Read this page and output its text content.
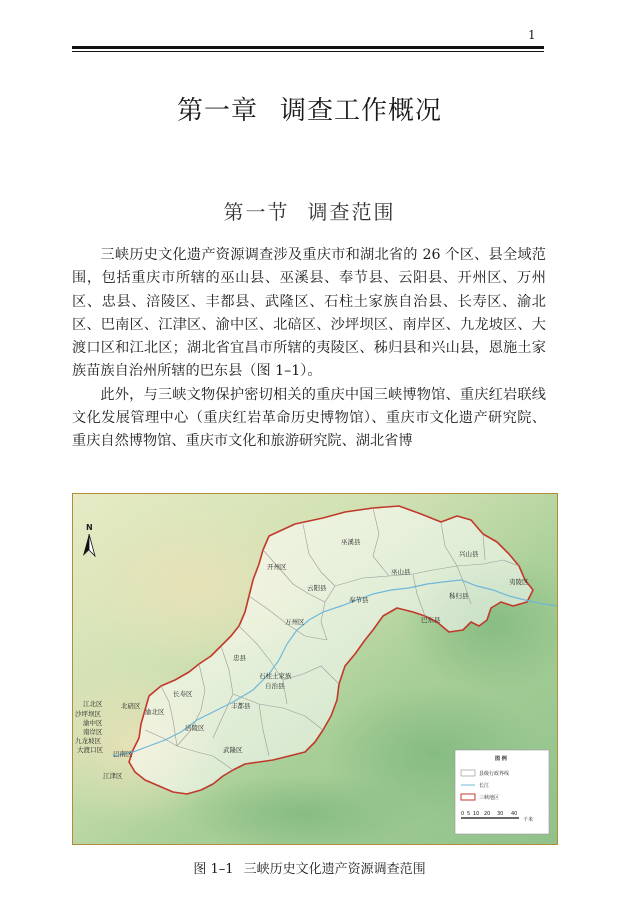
1
第一章 调查工作概况
第一节 调查范围

三峡历史文化遗产资源调查涉及重庆市和湖北省的 26 个区、县全域范围，包括重庆市所辖的巫山县、巫溪县、奉节县、云阳县、开州区、万州区、忠县、涪陵区、丰都县、武隆区、石柱土家族自治县、长寿区、渝北区、巴南区、江津区、渝中区、北碚区、沙坪坝区、南岸区、九龙坡区、大渡口区和江北区；湖北省宜昌市所辖的夷陵区、秭归县和兴山县，恩施土家族苗族自治州所辖的巴东县（图 1–1）。

此外，与三峡文物保护密切相关的重庆中国三峡博物馆、重庆红岩联线文化发展管理中心（重庆红岩革命历史博物馆）、重庆市文化遗产研究院、重庆自然博物馆、重庆市文化和旅游研究院、湖北省博

N
巫溪县
兴山县
开州区
巫山县
夷陵区
云阳县
奉节县	秭归县
巴东县
万州区
忠县
石柱土家族
自治县
长寿区
江北区	北碚区
沙坪坝区	渝北区
渝中区
南岸区
丰都县
涪陵区
九龙坡区
大渡口区	武隆区
巴南区
江津区
图 例
县级行政界线
长江
三峡地区
0 5 10 20 30 40
千米
图 1–1 三峡历史文化遗产资源调查范围
